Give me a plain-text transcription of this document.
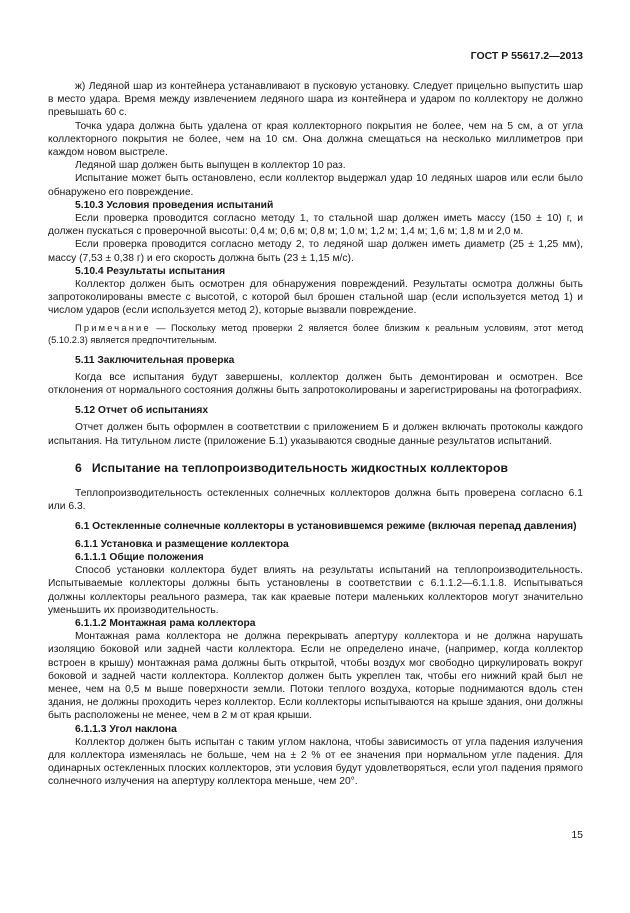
ГОСТ Р 55617.2—2013

ж) Ледяной шар из контейнера устанавливают в пусковую установку. Следует прицельно выпустить шар в место удара. Время между извлечением ледяного шара из контейнера и ударом по коллектору не должно превышать 60 с.

Точка удара должна быть удалена от края коллекторного покрытия не более, чем на 5 см, а от угла коллекторного покрытия не более, чем на 10 см. Она должна смещаться на несколько миллиметров при каждом новом выстреле.

Ледяной шар должен быть выпущен в коллектор 10 раз.

Испытание может быть остановлено, если коллектор выдержал удар 10 ледяных шаров или если было обнаружено его повреждение.

5.10.3 Условия проведения испытаний

Если проверка проводится согласно методу 1, то стальной шар должен иметь массу (150 ± 10) г, и должен пускаться с проверочной высоты: 0,4 м; 0,6 м; 0,8 м; 1,0 м; 1,2 м; 1,4 м; 1,6 м; 1,8 м и 2,0 м.

Если проверка проводится согласно методу 2, то ледяной шар должен иметь диаметр (25 ± 1,25 мм), массу (7,53 ± 0,38 г) и его скорость должна быть (23 ± 1,15 м/с).

5.10.4 Результаты испытания

Коллектор должен быть осмотрен для обнаружения повреждений. Результаты осмотра должны быть запротоколированы вместе с высотой, с которой был брошен стальной шар (если используется метод 1) и числом ударов (если используется метод 2), которые вызвали повреждение.

Примечание — Поскольку метод проверки 2 является более близким к реальным условиям, этот метод (5.10.2.3) является предпочтительным.

5.11 Заключительная проверка

Когда все испытания будут завершены, коллектор должен быть демонтирован и осмотрен. Все отклонения от нормального состояния должны быть запротоколированы и зарегистрированы на фотографиях.

5.12 Отчет об испытаниях

Отчет должен быть оформлен в соответствии с приложением Б и должен включать протоколы каждого испытания. На титульном листе (приложение Б.1) указываются сводные данные результатов испытаний.

6 Испытание на теплопроизводительность жидкостных коллекторов

Теплопроизводительность остекленных солнечных коллекторов должна быть проверена согласно 6.1 или 6.3.

6.1 Остекленные солнечные коллекторы в установившемся режиме (включая перепад давления)

6.1.1 Установка и размещение коллектора

6.1.1.1 Общие положения

Способ установки коллектора будет влиять на результаты испытаний на теплопроизводительность. Испытываемые коллекторы должны быть установлены в соответствии с 6.1.1.2—6.1.1.8. Испытываться должны коллекторы реального размера, так как краевые потери маленьких коллекторов могут значительно уменьшить их производительность.

6.1.1.2 Монтажная рама коллектора

Монтажная рама коллектора не должна перекрывать апертуру коллектора и не должна нарушать изоляцию боковой или задней части коллектора. Если не определено иначе, (например, когда коллектор встроен в крышу) монтажная рама должны быть открытой, чтобы воздух мог свободно циркулировать вокруг боковой и задней части коллектора. Коллектор должен быть укреплен так, чтобы его нижний край был не менее, чем на 0,5 м выше поверхности земли. Потоки теплого воздуха, которые поднимаются вдоль стен здания, не должны проходить через коллектор. Если коллекторы испытываются на крыше здания, они должны быть расположены не менее, чем в 2 м от края крыши.

6.1.1.3 Угол наклона

Коллектор должен быть испытан с таким углом наклона, чтобы зависимость от угла падения излучения для коллектора изменялась не больше, чем на ± 2 % от ее значения при нормальном угле падения. Для одинарных остекленных плоских коллекторов, эти условия будут удовлетворяться, если угол падения прямого солнечного излучения на апертуру коллектора меньше, чем 20°.

15
